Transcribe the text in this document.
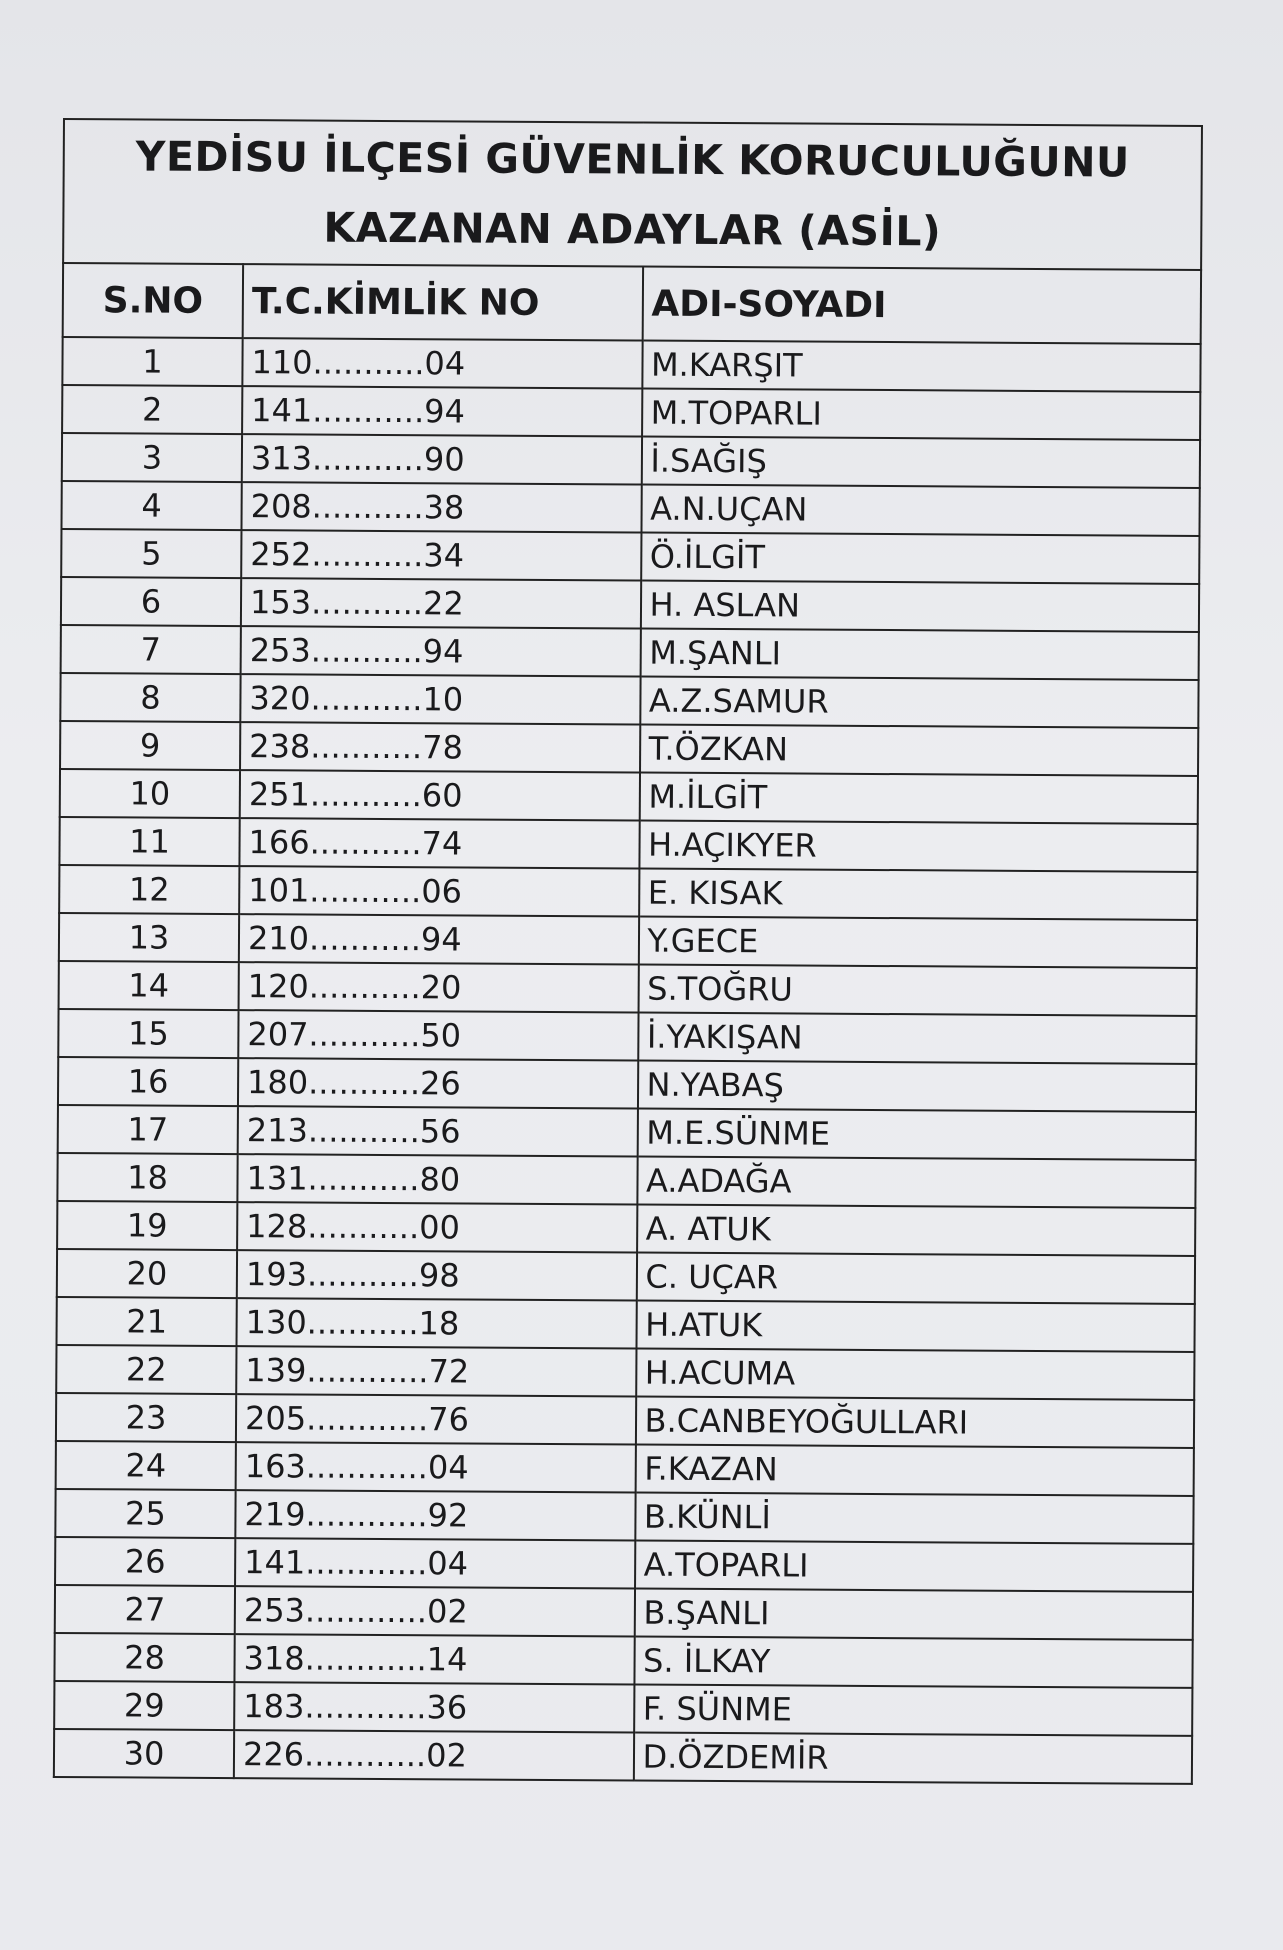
YEDİSU İLÇESİ GÜVENLİK KORUCULUĞUNU
KAZANAN ADAYLAR (ASİL)		

S.NO	T.C.KİMLİK NO	ADI-SOYADI
1	110...........04	M.KARŞIT
2	141...........94	M.TOPARLI
3	313...........90	İ.SAĞIŞ
4	208...........38	A.N.UÇAN
5	252...........34	Ö.İLGİT
6	153...........22	H. ASLAN
7	253...........94	M.ŞANLI
8	320...........10	A.Z.SAMUR
9	238...........78	T.ÖZKAN
10	251...........60	M.İLGİT
11	166...........74	H.AÇIKYER
12	101...........06	E. KISAK
13	210...........94	Y.GECE
14	120...........20	S.TOĞRU
15	207...........50	İ.YAKIŞAN
16	180...........26	N.YABAŞ
17	213...........56	M.E.SÜNME
18	131...........80	A.ADAĞA
19	128...........00	A. ATUK
20	193...........98	C. UÇAR
21	130...........18	H.ATUK
22	139............72	H.ACUMA
23	205............76	B.CANBEYOĞULLARI
24	163............04	F.KAZAN
25	219............92	B.KÜNLİ
26	141............04	A.TOPARLI
27	253............02	B.ŞANLI
28	318............14	S. İLKAY
29	183............36	F. SÜNME
30	226............02	D.ÖZDEMİR
